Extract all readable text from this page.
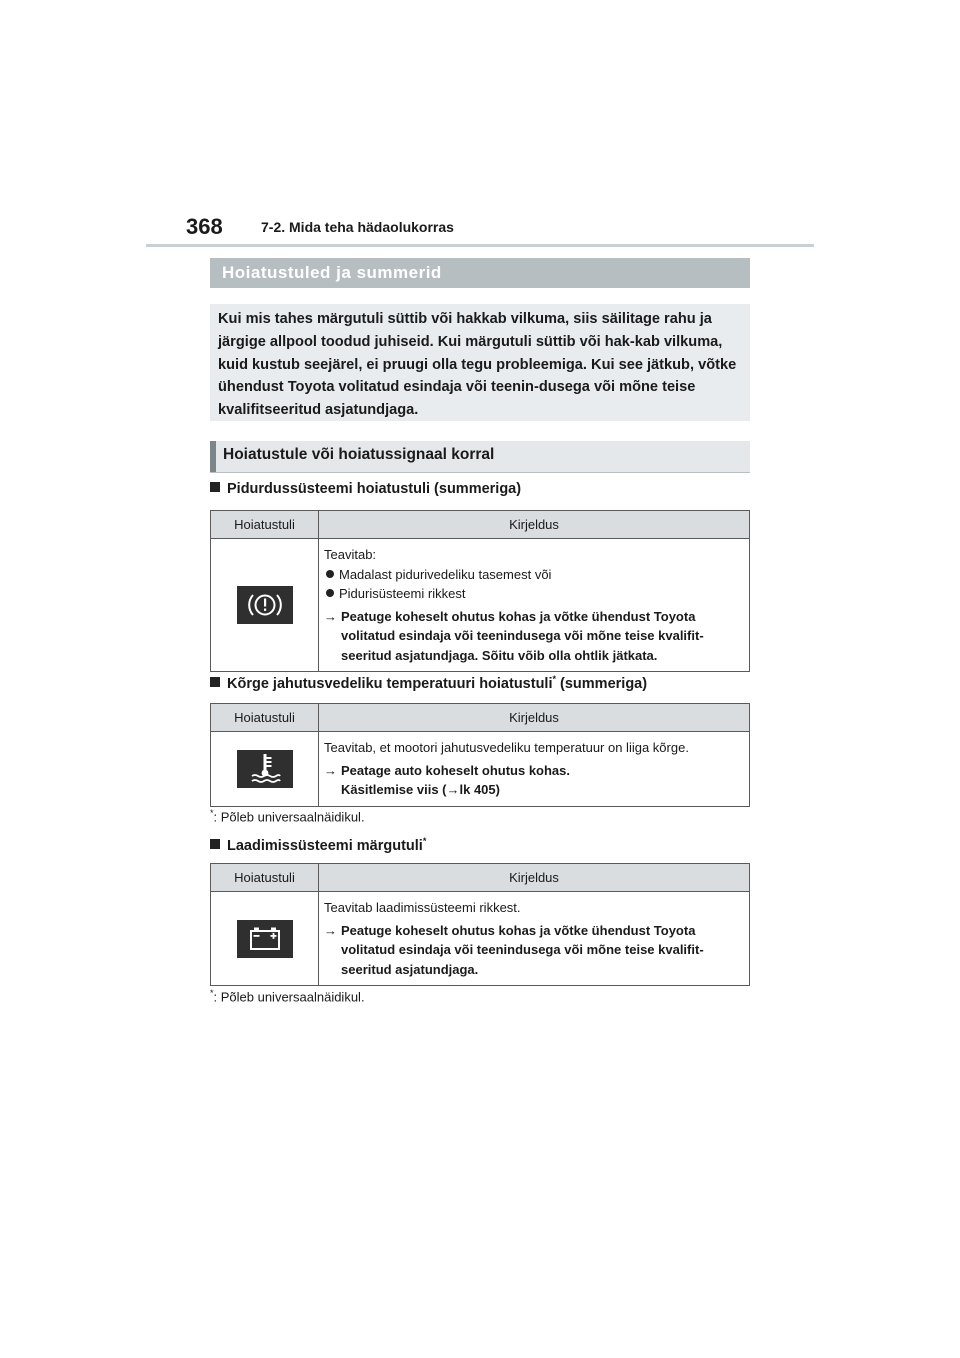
368	7-2. Mida teha hädaolukorras
Hoiatustuled ja summerid

Kui mis tahes märgutuli süttib või hakkab vilkuma, siis säilitage rahu ja järgige allpool toodud juhiseid. Kui märgutuli süttib või hak-kab vilkuma, kuid kustub seejärel, ei pruugi olla tegu probleemiga. Kui see jätkub, võtke ühendust Toyota volitatud esindaja või teenin-dusega või mõne teise kvalifitseeritud asjatundjaga.

Hoiatustule või hoiatussignaal korral
Pidurdussüsteemi hoiatustuli (summeriga)
Hoiatustuli	Kirjeldus

Teavitab:
Madalast pidurivedeliku tasemest või
Pidurisüsteemi rikkest
→ Peatuge koheselt ohutus kohas ja võtke ühendust Toyota volitatud esindaja või teenindusega või mõne teise kvalifit-seeritud asjatundjaga. Sõitu võib olla ohtlik jätkata.
Kõrge jahutusvedeliku temperatuuri hoiatustuli* (summeriga)
Hoiatustuli	Kirjeldus

Teavitab, et mootori jahutusvedeliku temperatuur on liiga kõrge.
→ Peatage auto koheselt ohutus kohas.
Käsitlemise viis (→lk 405)
*: Põleb universaalnäidikul.
Laadimissüsteemi märgutuli*
Hoiatustuli	Kirjeldus

Teavitab laadimissüsteemi rikkest.
→ Peatuge koheselt ohutus kohas ja võtke ühendust Toyota volitatud esindaja või teenindusega või mõne teise kvalifit-seeritud asjatundjaga.
*: Põleb universaalnäidikul.
